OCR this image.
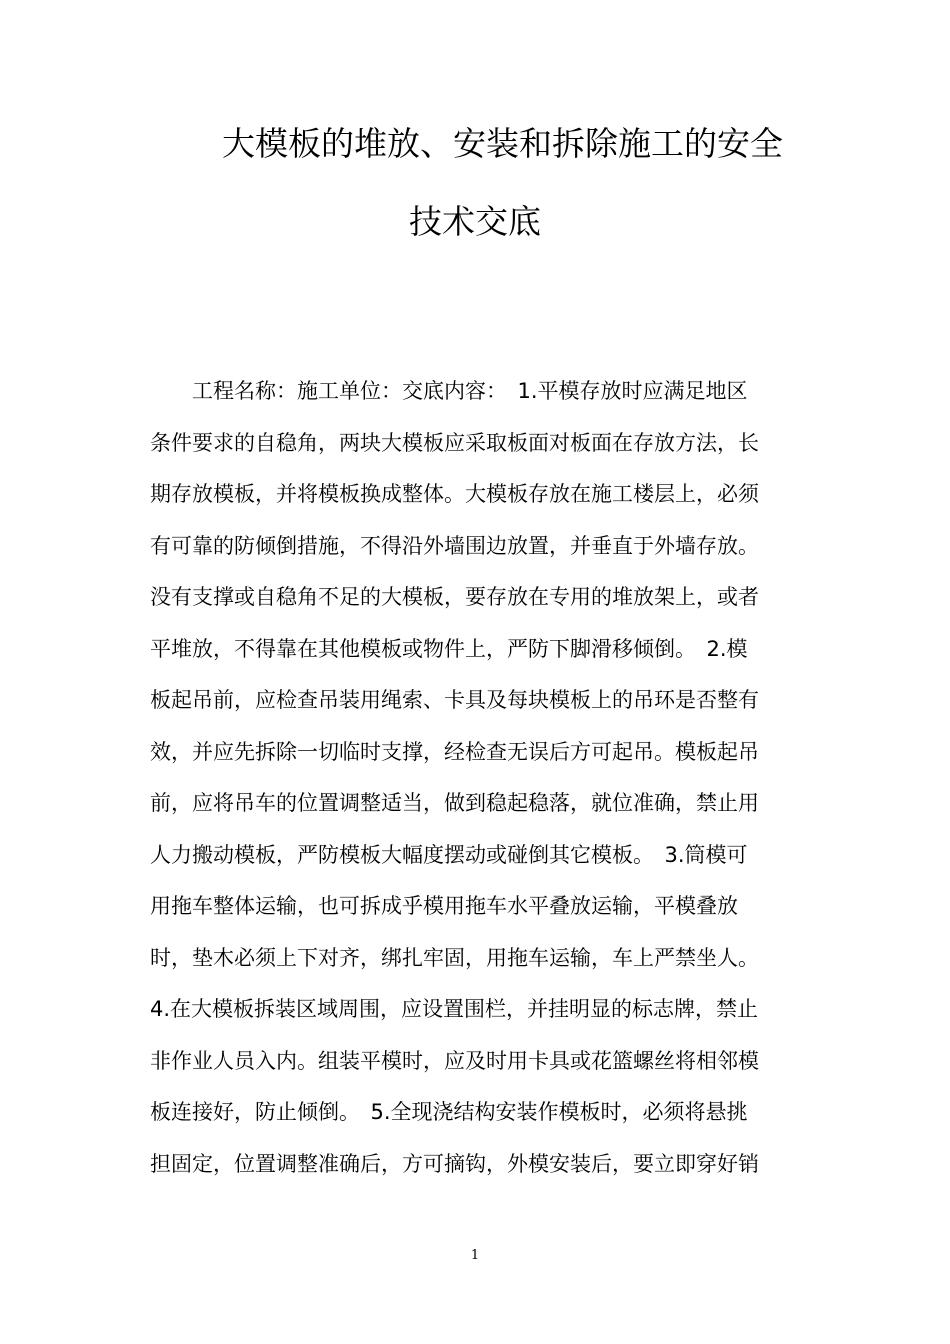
大模板的堆放、安装和拆除施工的安全
技术交底
　　工程名称：施工单位：交底内容：　1.平模存放时应满足地区
条件要求的自稳角，两块大模板应采取板面对板面在存放方法，长
期存放模板，并将模板换成整体。大模板存放在施工楼层上，必须
有可靠的防倾倒措施，不得沿外墙围边放置，并垂直于外墙存放。
没有支撑或自稳角不足的大模板，要存放在专用的堆放架上，或者
平堆放，不得靠在其他模板或物件上，严防下脚滑移倾倒。　2.模
板起吊前，应检查吊装用绳索、卡具及每块模板上的吊环是否整有
效，并应先拆除一切临时支撑，经检查无误后方可起吊。模板起吊
前，应将吊车的位置调整适当，做到稳起稳落，就位准确，禁止用
人力搬动模板，严防模板大幅度摆动或碰倒其它模板。　3.筒模可
用拖车整体运输，也可拆成乎模用拖车水平叠放运输，平模叠放
时，垫木必须上下对齐，绑扎牢固，用拖车运输，车上严禁坐人。
4.在大模板拆装区域周围，应设置围栏，并挂明显的标志牌，禁止
非作业人员入内。组装平模时，应及时用卡具或花篮螺丝将相邻模
板连接好，防止倾倒。　5.全现浇结构安装作模板时，必须将悬挑
担固定，位置调整准确后，方可摘钩，外模安装后，要立即穿好销
1
